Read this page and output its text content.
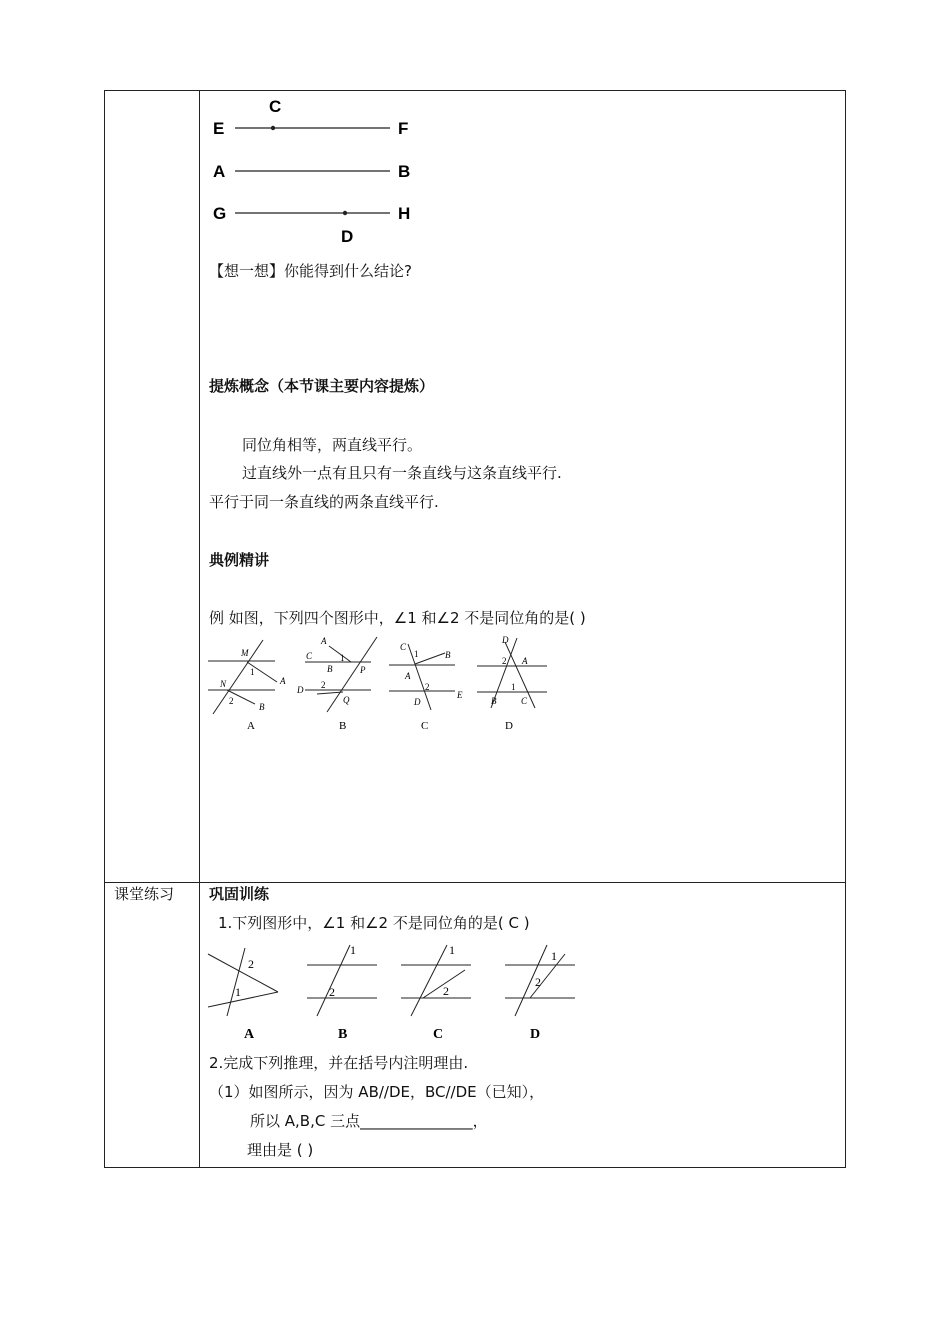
课堂练习
C
E	F
A	B
G	H
D
【想一想】你能得到什么结论?
提炼概念（本节课主要内容提炼）
同位角相等，两直线平行。
过直线外一点有且只有一条直线与这条直线平行.
平行于同一条直线的两条直线平行.
典例精讲
例 如图，下列四个图形中，∠1 和∠2 不是同位角的是( )
M
1
A
N
2
B
A
A
C	1
B	P
2
D
Q
B
C
1	B
A
2
D
E
C
D
2 A
1
B	C
D
巩固训练
1.下列图形中，∠1 和∠2 不是同位角的是( C )
2
1
A
1
2
B
1
2
C
1
2
D
2.完成下列推理，并在括号内注明理由.
（1）如图所示，因为 AB//DE，BC//DE（已知），
所以 A,B,C 三点_______________，
理由是 ( )
